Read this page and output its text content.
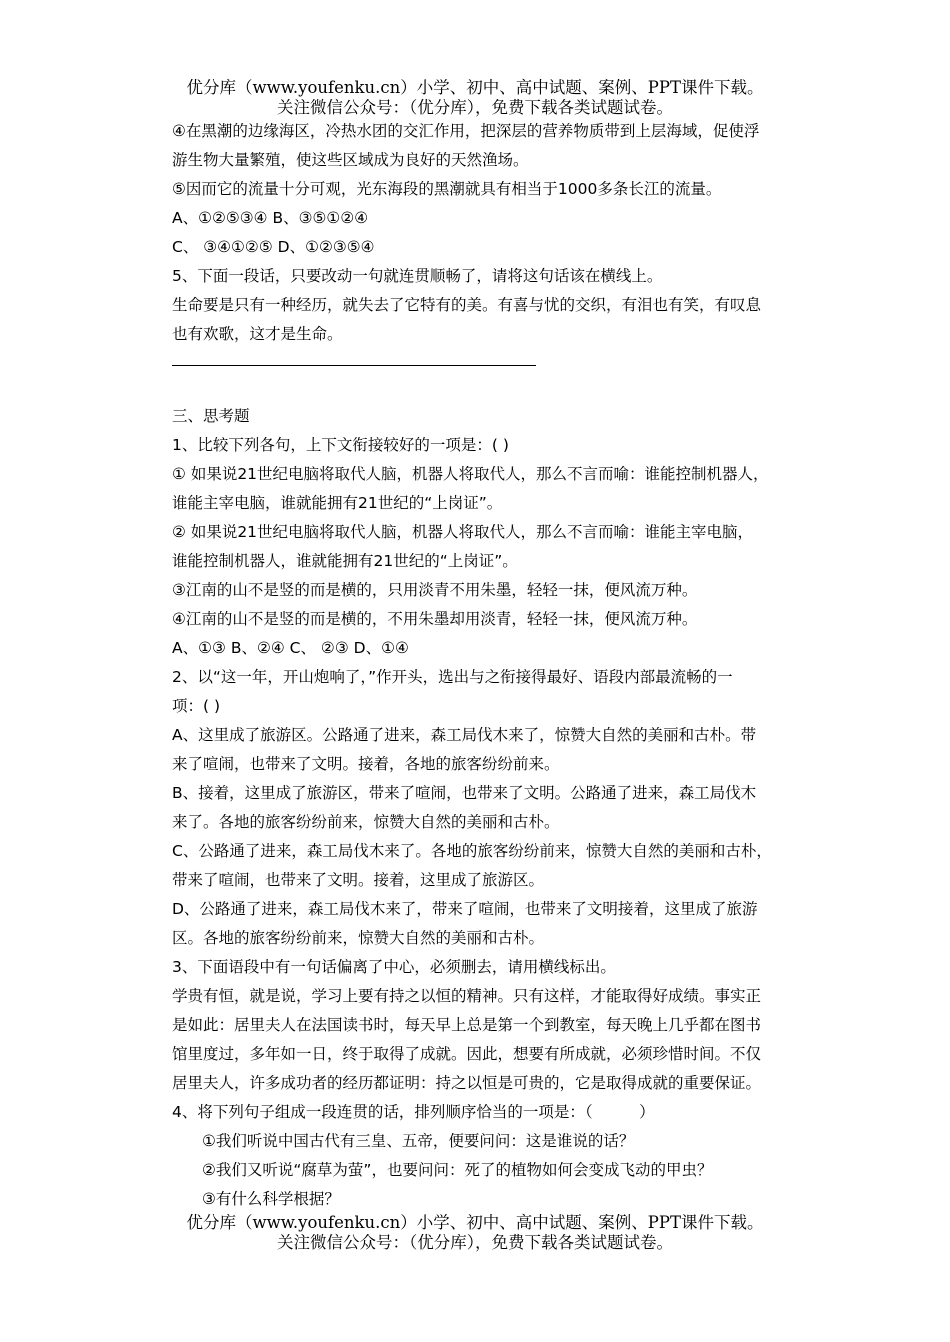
优分库（www.youfenku.cn）小学、初中、高中试题、案例、PPT课件下载。
关注微信公众号：（优分库），免费下载各类试题试卷。

④在黑潮的边缘海区，冷热水团的交汇作用，把深层的营养物质带到上层海域，促使浮

游生物大量繁殖，使这些区域成为良好的天然渔场。

⑤因而它的流量十分可观，光东海段的黑潮就具有相当于1000多条长江的流量。

A、①②⑤③④ B、③⑤①②④

C、 ③④①②⑤ D、①②③⑤④

5、下面一段话，只要改动一句就连贯顺畅了，请将这句话该在横线上。

生命要是只有一种经历，就失去了它特有的美。有喜与忧的交织，有泪也有笑，有叹息

也有欢歌，这才是生命。

三、思考题

1、比较下列各句，上下文衔接较好的一项是：( )

① 如果说21世纪电脑将取代人脑，机器人将取代人，那么不言而喻：谁能控制机器人，

谁能主宰电脑，谁就能拥有21世纪的“上岗证”。

② 如果说21世纪电脑将取代人脑，机器人将取代人，那么不言而喻：谁能主宰电脑，

谁能控制机器人，谁就能拥有21世纪的“上岗证”。

③江南的山不是竖的而是横的，只用淡青不用朱墨，轻轻一抹，便风流万种。

④江南的山不是竖的而是横的，不用朱墨却用淡青，轻轻一抹，便风流万种。

A、①③ B、②④ C、 ②③ D、①④

2、以“这一年，开山炮响了，”作开头，选出与之衔接得最好、语段内部最流畅的一

项：( )

A、这里成了旅游区。公路通了进来，森工局伐木来了，惊赞大自然的美丽和古朴。带

来了喧闹，也带来了文明。接着，各地的旅客纷纷前来。

B、接着，这里成了旅游区，带来了喧闹，也带来了文明。公路通了进来，森工局伐木

来了。各地的旅客纷纷前来，惊赞大自然的美丽和古朴。

C、公路通了进来，森工局伐木来了。各地的旅客纷纷前来，惊赞大自然的美丽和古朴，

带来了喧闹，也带来了文明。接着，这里成了旅游区。

D、公路通了进来，森工局伐木来了，带来了喧闹，也带来了文明接着，这里成了旅游

区。各地的旅客纷纷前来，惊赞大自然的美丽和古朴。

3、下面语段中有一句话偏离了中心，必须删去，请用横线标出。

学贵有恒，就是说，学习上要有持之以恒的精神。只有这样，才能取得好成绩。事实正

是如此：居里夫人在法国读书时，每天早上总是第一个到教室，每天晚上几乎都在图书

馆里度过，多年如一日，终于取得了成就。因此，想要有所成就，必须珍惜时间。不仅

居里夫人，许多成功者的经历都证明：持之以恒是可贵的，它是取得成就的重要保证。

4、将下列句子组成一段连贯的话，排列顺序恰当的一项是：（　　　）

①我们听说中国古代有三皇、五帝，便要问问：这是谁说的话？

②我们又听说“腐草为萤”，也要问问：死了的植物如何会变成飞动的甲虫？

③有什么科学根据？

优分库（www.youfenku.cn）小学、初中、高中试题、案例、PPT课件下载。
关注微信公众号：（优分库），免费下载各类试题试卷。
